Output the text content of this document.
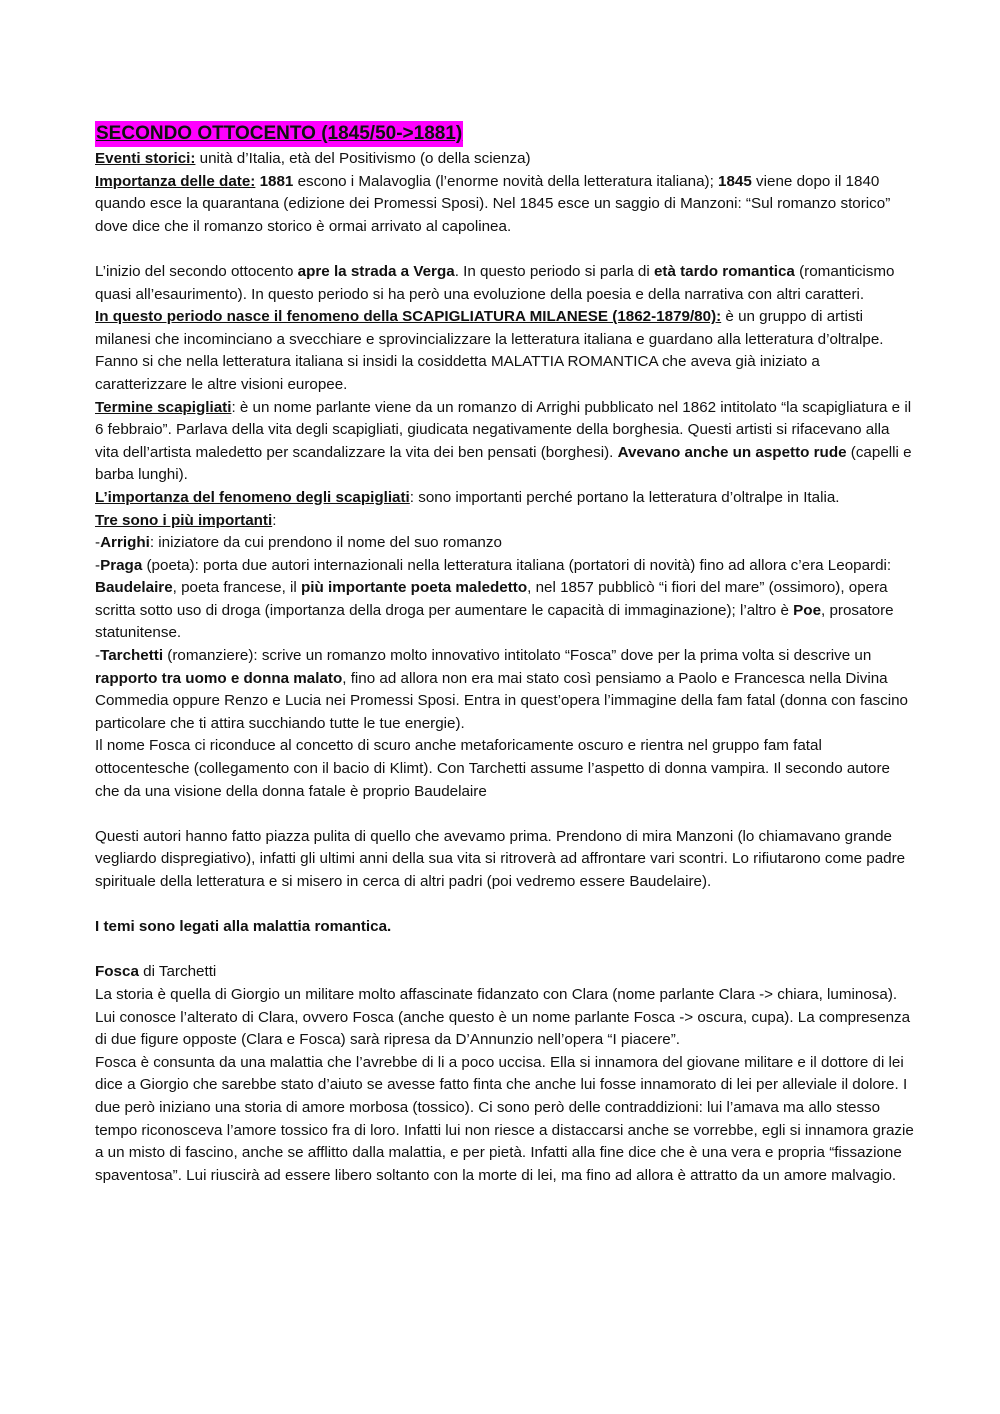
SECONDO OTTOCENTO (1845/50->1881)

Eventi storici: unità d’Italia, età del Positivismo (o della scienza)

Importanza delle date: 1881 escono i Malavoglia (l’enorme novità della letteratura italiana); 1845 viene dopo il 1840 quando esce la quarantana (edizione dei Promessi Sposi). Nel 1845 esce un saggio di Manzoni: “Sul romanzo storico” dove dice che il romanzo storico è ormai arrivato al capolinea.

L’inizio del secondo ottocento apre la strada a Verga. In questo periodo si parla di età tardo romantica (romanticismo quasi all’esaurimento). In questo periodo si ha però una evoluzione della poesia e della narrativa con altri caratteri.

In questo periodo nasce il fenomeno della SCAPIGLIATURA MILANESE (1862-1879/80): è un gruppo di artisti milanesi che incominciano a svecchiare e sprovincializzare la letteratura italiana e guardano alla letteratura d’oltralpe. Fanno si che nella letteratura italiana si insidi la cosiddetta MALATTIA ROMANTICA che aveva già iniziato a caratterizzare le altre visioni europee.

Termine scapigliati: è un nome parlante viene da un romanzo di Arrighi pubblicato nel 1862 intitolato “la scapigliatura e il 6 febbraio”. Parlava della vita degli scapigliati, giudicata negativamente della borghesia. Questi artisti si rifacevano alla vita dell’artista maledetto per scandalizzare la vita dei ben pensati (borghesi). Avevano anche un aspetto rude (capelli e barba lunghi).

L’importanza del fenomeno degli scapigliati: sono importanti perché portano la letteratura d’oltralpe in Italia.

Tre sono i più importanti:

-Arrighi: iniziatore da cui prendono il nome del suo romanzo

-Praga (poeta): porta due autori internazionali nella letteratura italiana (portatori di novità) fino ad allora c’era Leopardi: Baudelaire, poeta francese, il più importante poeta maledetto, nel 1857 pubblicò “i fiori del mare” (ossimoro), opera scritta sotto uso di droga (importanza della droga per aumentare le capacità di immaginazione); l’altro è Poe, prosatore statunitense.

-Tarchetti (romanziere): scrive un romanzo molto innovativo intitolato “Fosca” dove per la prima volta si descrive un rapporto tra uomo e donna malato, fino ad allora non era mai stato così pensiamo a Paolo e Francesca nella Divina Commedia oppure Renzo e Lucia nei Promessi Sposi. Entra in quest’opera l’immagine della fam fatal (donna con fascino particolare che ti attira succhiando tutte le tue energie).

Il nome Fosca ci riconduce al concetto di scuro anche metaforicamente oscuro e rientra nel gruppo fam fatal ottocentesche (collegamento con il bacio di Klimt). Con Tarchetti assume l’aspetto di donna vampira. Il secondo autore che da una visione della donna fatale è proprio Baudelaire

Questi autori hanno fatto piazza pulita di quello che avevamo prima. Prendono di mira Manzoni (lo chiamavano grande vegliardo dispregiativo), infatti gli ultimi anni della sua vita si ritroverà ad affrontare vari scontri. Lo rifiutarono come padre spirituale della letteratura e si misero in cerca di altri padri (poi vedremo essere Baudelaire).

I temi sono legati alla malattia romantica.

Fosca di Tarchetti

La storia è quella di Giorgio un militare molto affascinate fidanzato con Clara (nome parlante Clara -> chiara, luminosa). Lui conosce l’alterato di Clara, ovvero Fosca (anche questo è un nome parlante Fosca -> oscura, cupa). La compresenza di due figure opposte (Clara e Fosca) sarà ripresa da D’Annunzio nell’opera “I piacere”.

Fosca è consunta da una malattia che l’avrebbe di li a poco uccisa. Ella si innamora del giovane militare e il dottore di lei dice a Giorgio che sarebbe stato d’aiuto se avesse fatto finta che anche lui fosse innamorato di lei per alleviale il dolore. I due però iniziano una storia di amore morbosa (tossico). Ci sono però delle contraddizioni: lui l’amava ma allo stesso tempo riconosceva l’amore tossico fra di loro. Infatti lui non riesce a distaccarsi anche se vorrebbe, egli si innamora grazie a un misto di fascino, anche se afflitto dalla malattia, e per pietà. Infatti alla fine dice che è una vera e propria “fissazione spaventosa”. Lui riuscirà ad essere libero soltanto con la morte di lei, ma fino ad allora è attratto da un amore malvagio.
